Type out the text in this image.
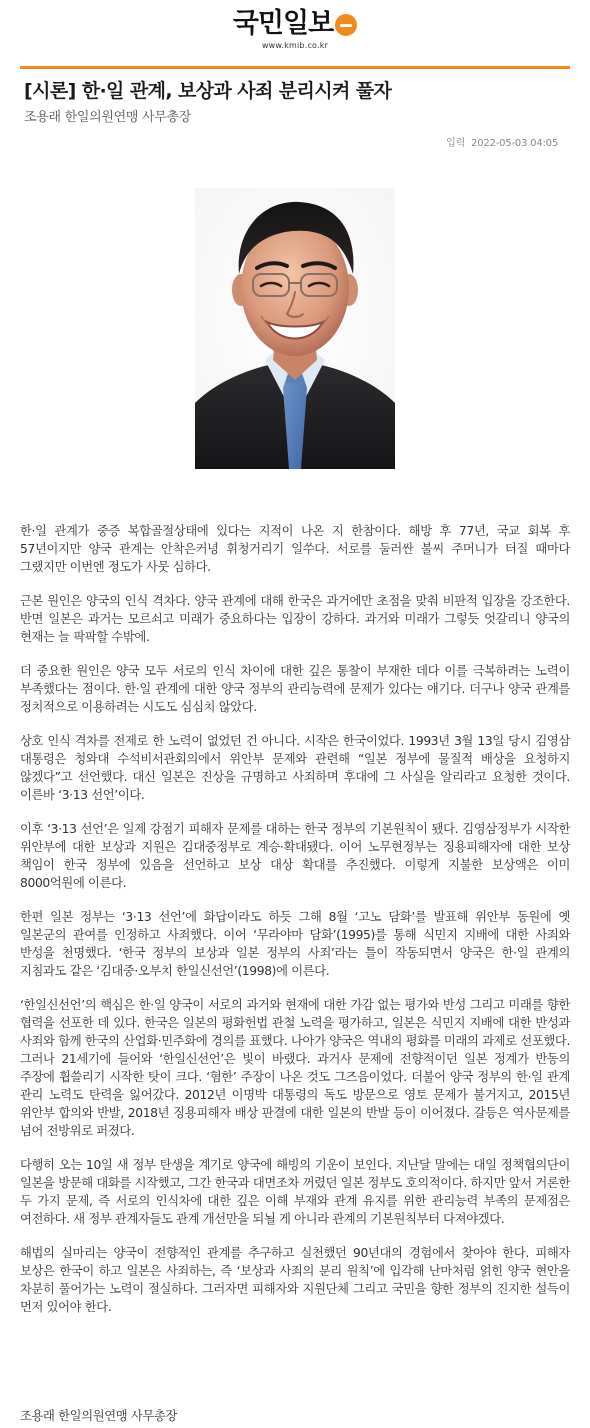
국민일보
www.kmib.co.kr
[시론] 한·일 관계, 보상과 사죄 분리시켜 풀자
조용래 한일의원연맹 사무총장
입력 2022-05-03 04:05

한·일 관계가 중증 복합골절상태에 있다는 지적이 나온 지 한참이다. 해방 후 77년, 국교 회복 후 57년이지만 양국 관계는 안착은커녕 휘청거리기 일쑤다. 서로를 둘러싼 불씨 주머니가 터질 때마다 그랬지만 이번엔 정도가 사뭇 심하다.

근본 원인은 양국의 인식 격차다. 양국 관계에 대해 한국은 과거에만 초점을 맞춰 비판적 입장을 강조한다. 반면 일본은 과거는 모르쇠고 미래가 중요하다는 입장이 강하다. 과거와 미래가 그렇듯 엇갈리니 양국의 현재는 늘 팍팍할 수밖에.

더 중요한 원인은 양국 모두 서로의 인식 차이에 대한 깊은 통찰이 부재한 데다 이를 극복하려는 노력이 부족했다는 점이다. 한·일 관계에 대한 양국 정부의 관리능력에 문제가 있다는 얘기다. 더구나 양국 관계를 정치적으로 이용하려는 시도도 심심치 않았다.

상호 인식 격차를 전제로 한 노력이 없었던 건 아니다. 시작은 한국이었다. 1993년 3월 13일 당시 김영삼 대통령은 청와대 수석비서관회의에서 위안부 문제와 관련해 “일본 정부에 물질적 배상을 요청하지 않겠다”고 선언했다. 대신 일본은 진상을 규명하고 사죄하며 후대에 그 사실을 알리라고 요청한 것이다. 이른바 ‘3·13 선언’이다.

이후 ‘3·13 선언’은 일제 강점기 피해자 문제를 대하는 한국 정부의 기본원칙이 됐다. 김영삼정부가 시작한 위안부에 대한 보상과 지원은 김대중정부로 계승·확대됐다. 이어 노무현정부는 징용피해자에 대한 보상 책임이 한국 정부에 있음을 선언하고 보상 대상 확대를 추진했다. 이렇게 지불한 보상액은 이미 8000억원에 이른다.

한편 일본 정부는 ‘3·13 선언’에 화답이라도 하듯 그해 8월 ‘고노 담화’를 발표해 위안부 동원에 옛 일본군의 관여를 인정하고 사죄했다. 이어 ‘무라야마 담화’(1995)를 통해 식민지 지배에 대한 사죄와 반성을 천명했다. ‘한국 정부의 보상과 일본 정부의 사죄’라는 틀이 작동되면서 양국은 한·일 관계의 지침과도 같은 ‘김대중·오부치 한일신선언’(1998)에 이른다.

‘한일신선언’의 핵심은 한·일 양국이 서로의 과거와 현재에 대한 가감 없는 평가와 반성 그리고 미래를 향한 협력을 선포한 데 있다. 한국은 일본의 평화헌법 관철 노력을 평가하고, 일본은 식민지 지배에 대한 반성과 사죄와 함께 한국의 산업화·민주화에 경의를 표했다. 나아가 양국은 역내의 평화를 미래의 과제로 선포했다. 그러나 21세기에 들어와 ‘한일신선언’은 빛이 바랬다. 과거사 문제에 전향적이던 일본 정계가 반동의 주장에 휩쓸리기 시작한 탓이 크다. ‘혐한’ 주장이 나온 것도 그즈음이었다. 더불어 양국 정부의 한·일 관계 관리 노력도 탄력을 잃어갔다. 2012년 이명박 대통령의 독도 방문으로 영토 문제가 불거지고, 2015년 위안부 합의와 반발, 2018년 징용피해자 배상 판결에 대한 일본의 반발 등이 이어졌다. 갈등은 역사문제를 넘어 전방위로 퍼졌다.

다행히 오는 10일 새 정부 탄생을 계기로 양국에 해빙의 기운이 보인다. 지난달 말에는 대일 정책협의단이 일본을 방문해 대화를 시작했고, 그간 한국과 대면조차 꺼렸던 일본 정부도 호의적이다. 하지만 앞서 거론한 두 가지 문제, 즉 서로의 인식차에 대한 깊은 이해 부재와 관계 유지를 위한 관리능력 부족의 문제점은 여전하다. 새 정부 관계자들도 관계 개선만을 되뇔 게 아니라 관계의 기본원칙부터 다져야겠다.

해법의 실마리는 양국이 전향적인 관계를 추구하고 실천했던 90년대의 경험에서 찾아야 한다. 피해자 보상은 한국이 하고 일본은 사죄하는, 즉 ‘보상과 사죄의 분리 원칙’에 입각해 난마처럼 얽힌 양국 현안을 차분히 풀어가는 노력이 절실하다. 그러자면 피해자와 지원단체 그리고 국민을 향한 정부의 진지한 설득이 먼저 있어야 한다.

조용래 한일의원연맹 사무총장
